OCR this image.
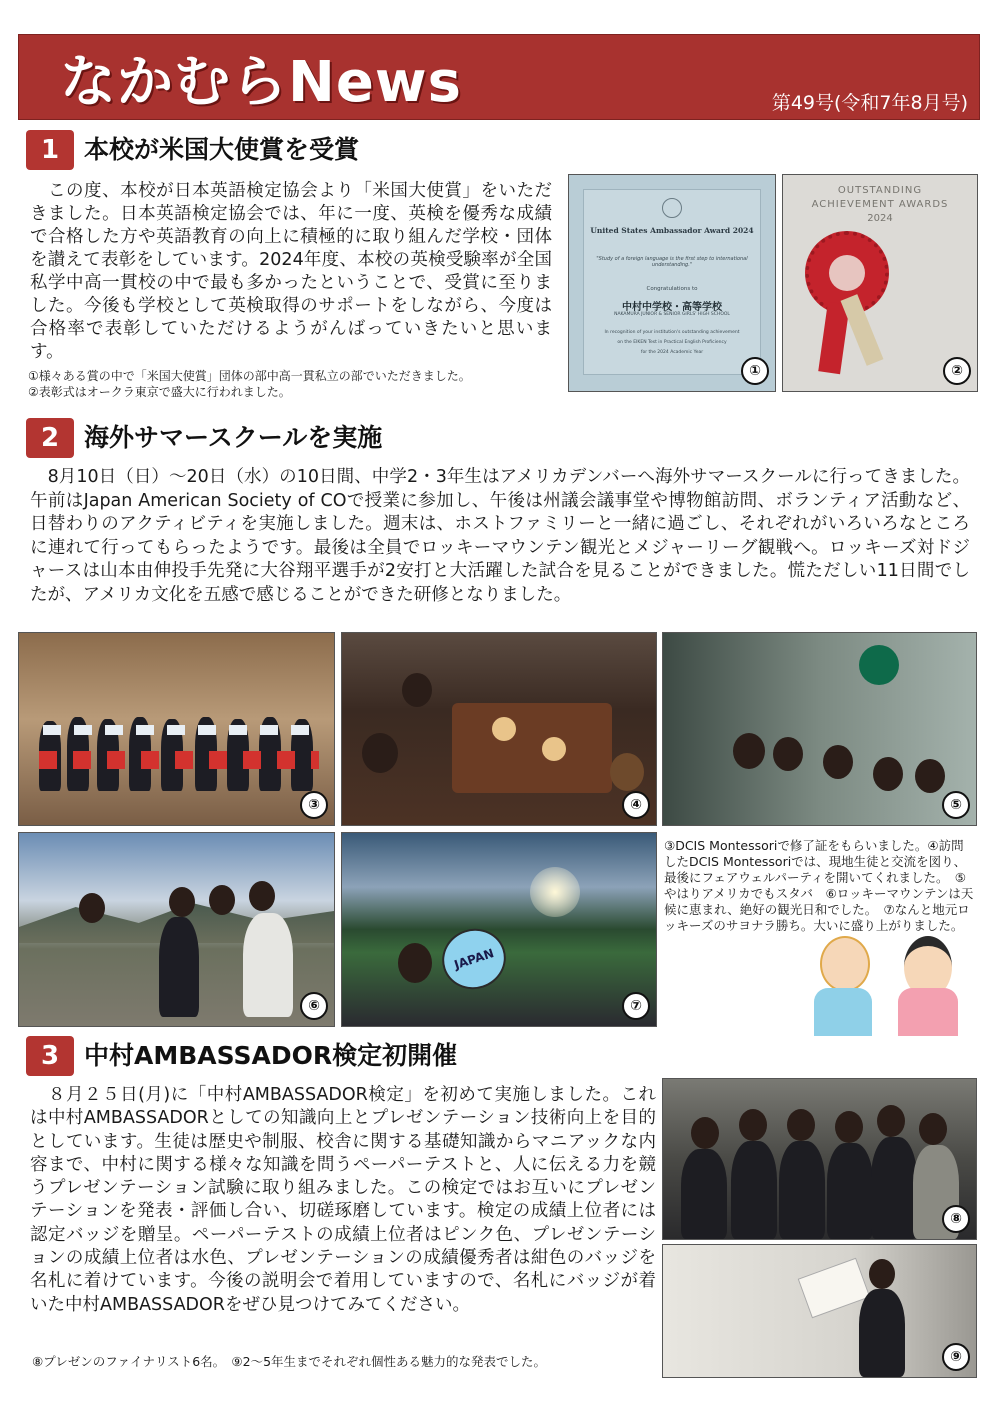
なかむらNews	第49号(令和7年8月号)
1 本校が米国大使賞を受賞
　この度、本校が日本英語検定協会より「米国大使賞」をいただきました。日本英語検定協会では、年に一度、英検を優秀な成績で合格した方や英語教育の向上に積極的に取り組んだ学校・団体を讃えて表彰をしています。2024年度、本校の英検受験率が全国私学中高一貫校の中で最も多かったということで、受賞に至りました。今後も学校として英検取得のサポートをしながら、今度は合格率で表彰していただけるようがんばっていきたいと思います。
①様々ある賞の中で「米国大使賞」団体の部中高一貫私立の部でいただきました。
②表彰式はオークラ東京で盛大に行われました。
United States Ambassador Award 2024
"Study of a foreign language is the first step to international understanding."
Congratulations to
中村中学校・高等学校
NAKAMURA JUNIOR & SENIOR GIRLS' HIGH SCHOOL
In recognition of your institution's outstanding achievement
on the EIKEN Test in Practical English Proficiency
for the 2024 Academic Year
①
OUTSTANDING
ACHIEVEMENT AWARDS
2024
②
2 海外サマースクールを実施
　8月10日（日）～20日（水）の10日間、中学2・3年生はアメリカデンバーへ海外サマースクールに行ってきました。午前はJapan American Society of COで授業に参加し、午後は州議会議事堂や博物館訪問、ボランティア活動など、日替わりのアクティビティを実施しました。週末は、ホストファミリーと一緒に過ごし、それぞれがいろいろなところに連れて行ってもらったようです。最後は全員でロッキーマウンテン観光とメジャーリーグ観戦へ。ロッキーズ対ドジャースは山本由伸投手先発に大谷翔平選手が2安打と大活躍した試合を見ることができました。慌ただしい11日間でしたが、アメリカ文化を五感で感じることができた研修となりました。
③	④	⑤
⑥
JAPAN
⑦
③DCIS Montessoriで修了証をもらいました。④訪問したDCIS Montessoriでは、現地生徒と交流を図り、最後にフェアウェルパーティを開いてくれました。　⑤やはりアメリカでもスタバ　⑥ロッキーマウンテンは天候に恵まれ、絶好の観光日和でした。　⑦なんと地元ロッキーズのサヨナラ勝ち。大いに盛り上がりました。
3 中村AMBASSADOR検定初開催
　８月２５日(月)に「中村AMBASSADOR検定」を初めて実施しました。これは中村AMBASSADORとしての知識向上とプレゼンテーション技術向上を目的としています。生徒は歴史や制服、校舎に関する基礎知識からマニアックな内容まで、中村に関する様々な知識を問うペーパーテストと、人に伝える力を競うプレゼンテーション試験に取り組みました。この検定ではお互いにプレゼンテーションを発表・評価し合い、切磋琢磨しています。検定の成績上位者には認定バッジを贈呈。ペーパーテストの成績上位者はピンク色、プレゼンテーションの成績上位者は水色、プレゼンテーションの成績優秀者は紺色のバッジを名札に着けています。今後の説明会で着用していますので、名札にバッジが着いた中村AMBASSADORをぜひ見つけてみてください。
⑧
⑨
⑧プレゼンのファイナリスト6名。　⑨2～5年生までそれぞれ個性ある魅力的な発表でした。
